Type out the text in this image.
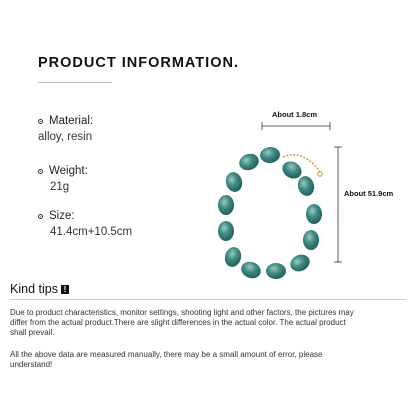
PRODUCT INFORMATION.
Material:
alloy, resin
Weight:
21g
Size:
41.4cm+10.5cm
About 1.8cm
About 51.9cm
Kind tips !

Due to product characteristics, monitor settings, shooting light and other factors, the pictures may differ from the actual product.There are slight differences in the actual color. The actual product shall prevail.

All the above data are measured manually, there may be a small amount of error, please understand!
